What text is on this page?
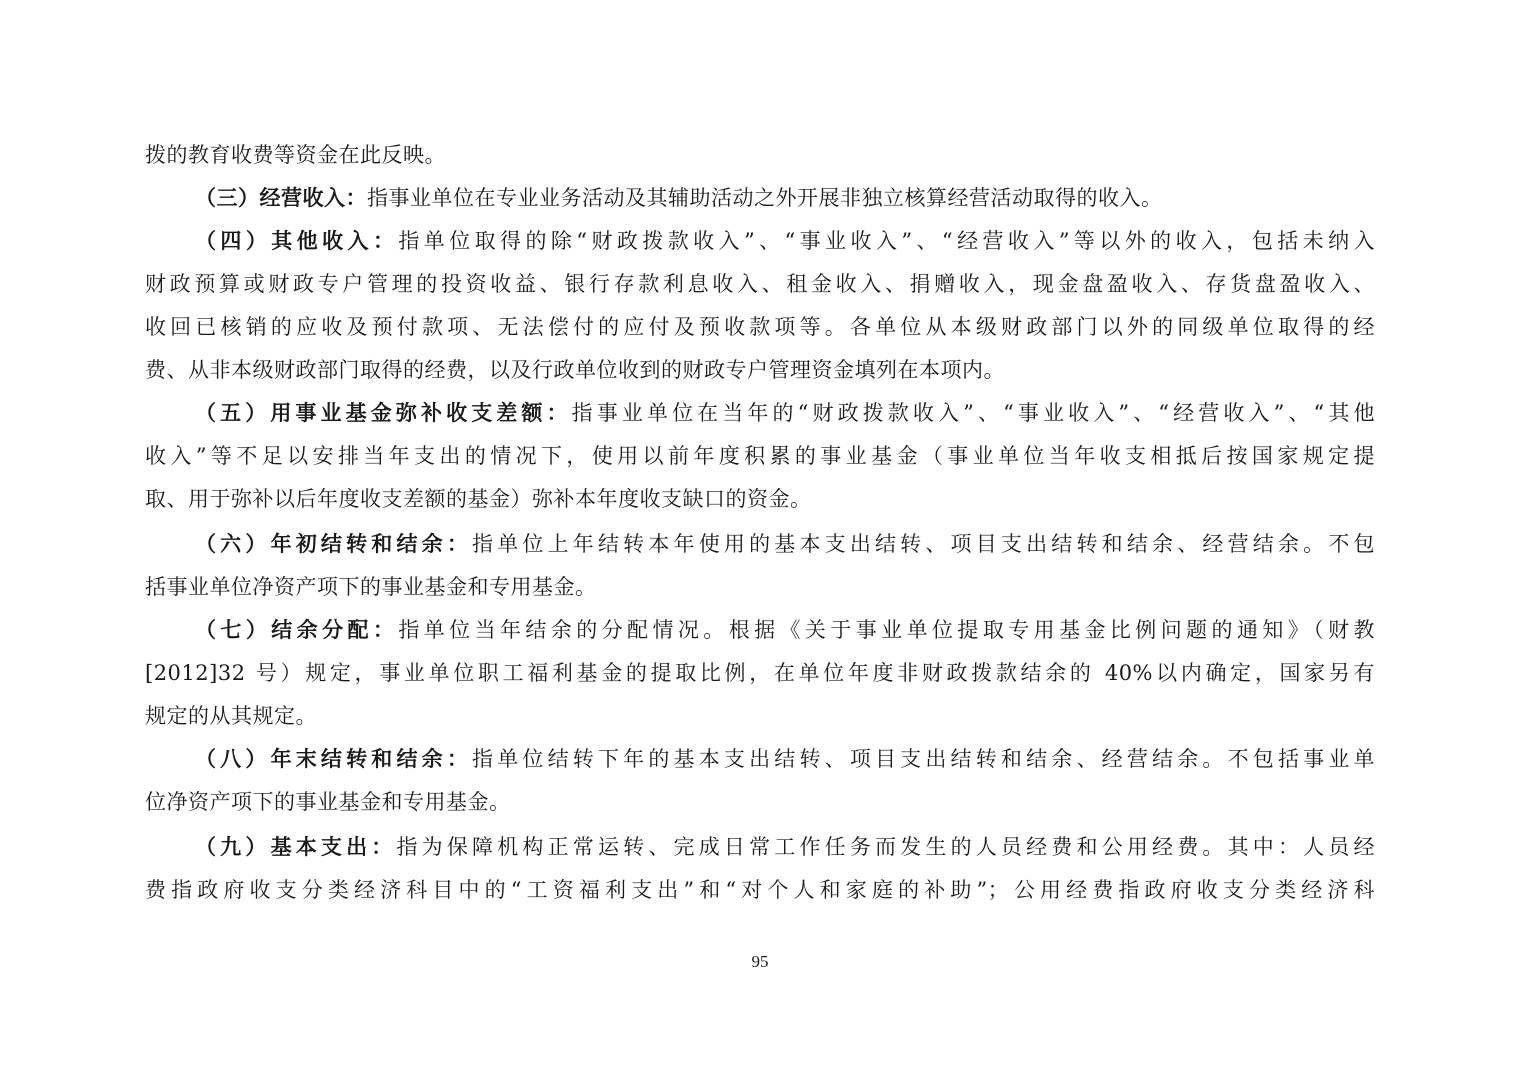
拨的教育收费等资金在此反映。
（三）经营收入：指事业单位在专业业务活动及其辅助活动之外开展非独立核算经营活动取得的收入。
（四）其他收入：指单位取得的除“财政拨款收入”、“事业收入”、“经营收入”等以外的收入，包括未纳入
财政预算或财政专户管理的投资收益、银行存款利息收入、租金收入、捐赠收入，现金盘盈收入、存货盘盈收入、
收回已核销的应收及预付款项、无法偿付的应付及预收款项等。各单位从本级财政部门以外的同级单位取得的经
费、从非本级财政部门取得的经费，以及行政单位收到的财政专户管理资金填列在本项内。
（五）用事业基金弥补收支差额：指事业单位在当年的“财政拨款收入”、“事业收入”、“经营收入”、“其他
收入”等不足以安排当年支出的情况下，使用以前年度积累的事业基金（事业单位当年收支相抵后按国家规定提
取、用于弥补以后年度收支差额的基金）弥补本年度收支缺口的资金。
（六）年初结转和结余：指单位上年结转本年使用的基本支出结转、项目支出结转和结余、经营结余。不包
括事业单位净资产项下的事业基金和专用基金。
（七）结余分配：指单位当年结余的分配情况。根据《关于事业单位提取专用基金比例问题的通知》（财教
[2012]32 号）规定，事业单位职工福利基金的提取比例，在单位年度非财政拨款结余的 40%以内确定，国家另有
规定的从其规定。
（八）年末结转和结余：指单位结转下年的基本支出结转、项目支出结转和结余、经营结余。不包括事业单
位净资产项下的事业基金和专用基金。
（九）基本支出：指为保障机构正常运转、完成日常工作任务而发生的人员经费和公用经费。其中：人员经
费指政府收支分类经济科目中的“工资福利支出”和“对个人和家庭的补助”；公用经费指政府收支分类经济科
95
